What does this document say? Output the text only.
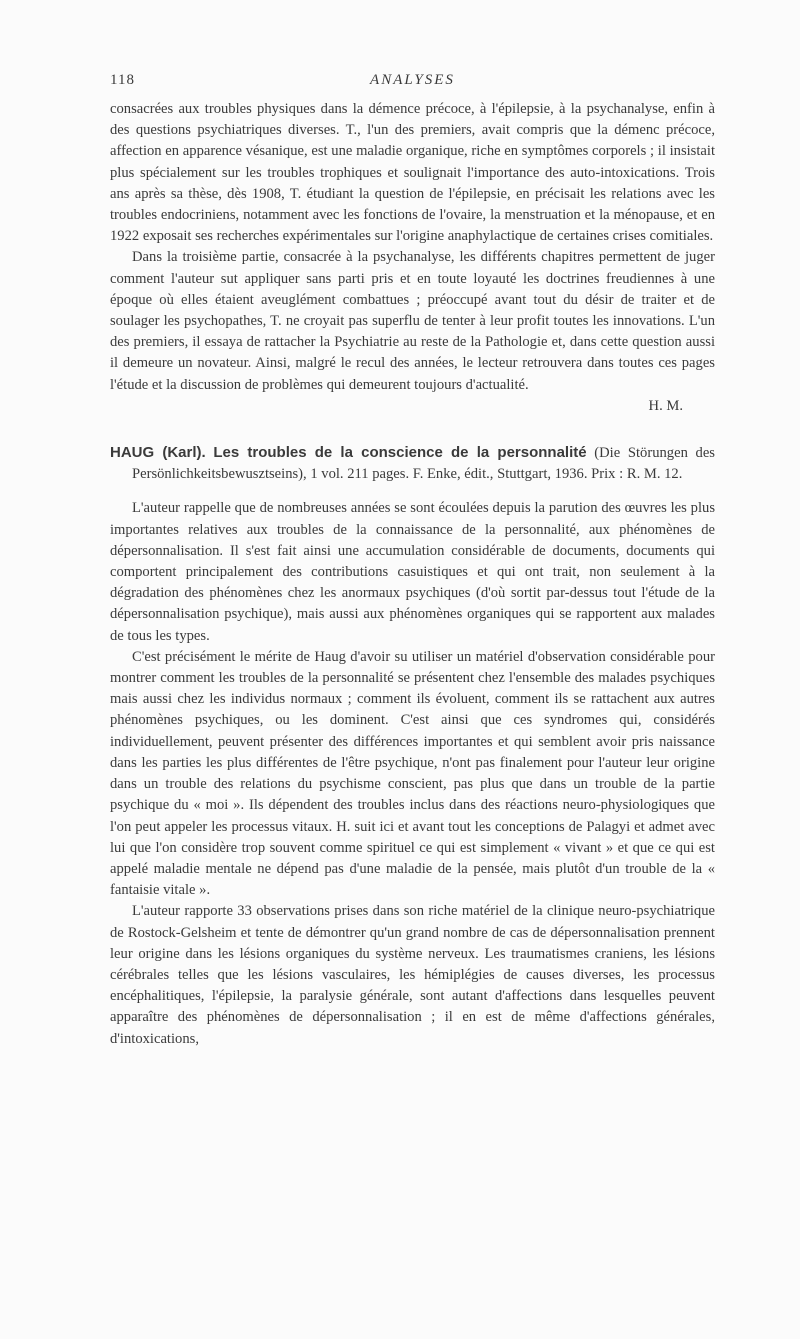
118	ANALYSES

consacrées aux troubles physiques dans la démence précoce, à l'épilepsie, à la psychanalyse, enfin à des questions psychiatriques diverses. T., l'un des premiers, avait compris que la démenc précoce, affection en apparence vésanique, est une maladie organique, riche en symptômes corporels ; il insistait plus spécialement sur les troubles trophiques et soulignait l'importance des auto-intoxications. Trois ans après sa thèse, dès 1908, T. étudiant la question de l'épilepsie, en précisait les relations avec les troubles endocriniens, notamment avec les fonctions de l'ovaire, la menstruation et la ménopause, et en 1922 exposait ses recherches expérimentales sur l'origine anaphylactique de certaines crises comitiales.

Dans la troisième partie, consacrée à la psychanalyse, les différents chapitres permettent de juger comment l'auteur sut appliquer sans parti pris et en toute loyauté les doctrines freudiennes à une époque où elles étaient aveuglément combattues ; préoccupé avant tout du désir de traiter et de soulager les psychopathes, T. ne croyait pas superflu de tenter à leur profit toutes les innovations. L'un des premiers, il essaya de rattacher la Psychiatrie au reste de la Pathologie et, dans cette question aussi il demeure un novateur. Ainsi, malgré le recul des années, le lecteur retrouvera dans toutes ces pages l'étude et la discussion de problèmes qui demeurent toujours d'actualité.

H. M.

HAUG (Karl). Les troubles de la conscience de la personnalité (Die Störungen des Persönlichkeitsbewusztseins), 1 vol. 211 pages. F. Enke, édit., Stuttgart, 1936. Prix : R. M. 12.

L'auteur rappelle que de nombreuses années se sont écoulées depuis la parution des œuvres les plus importantes relatives aux troubles de la connaissance de la personnalité, aux phénomènes de dépersonnalisation. Il s'est fait ainsi une accumulation considérable de documents, documents qui comportent principalement des contributions casuistiques et qui ont trait, non seulement à la dégradation des phénomènes chez les anormaux psychiques (d'où sortit par-dessus tout l'étude de la dépersonnalisation psychique), mais aussi aux phénomènes organiques qui se rapportent aux malades de tous les types.

C'est précisément le mérite de Haug d'avoir su utiliser un matériel d'observation considérable pour montrer comment les troubles de la personnalité se présentent chez l'ensemble des malades psychiques mais aussi chez les individus normaux ; comment ils évoluent, comment ils se rattachent aux autres phénomènes psychiques, ou les dominent. C'est ainsi que ces syndromes qui, considérés individuellement, peuvent présenter des différences importantes et qui semblent avoir pris naissance dans les parties les plus différentes de l'être psychique, n'ont pas finalement pour l'auteur leur origine dans un trouble des relations du psychisme conscient, pas plus que dans un trouble de la partie psychique du « moi ». Ils dépendent des troubles inclus dans des réactions neuro-physiologiques que l'on peut appeler les processus vitaux. H. suit ici et avant tout les conceptions de Palagyi et admet avec lui que l'on considère trop souvent comme spirituel ce qui est simplement « vivant » et que ce qui est appelé maladie mentale ne dépend pas d'une maladie de la pensée, mais plutôt d'un trouble de la « fantaisie vitale ».

L'auteur rapporte 33 observations prises dans son riche matériel de la clinique neuro-psychiatrique de Rostock-Gelsheim et tente de démontrer qu'un grand nombre de cas de dépersonnalisation prennent leur origine dans les lésions organiques du système nerveux. Les traumatismes craniens, les lésions cérébrales telles que les lésions vasculaires, les hémiplégies de causes diverses, les processus encéphalitiques, l'épilepsie, la paralysie générale, sont autant d'affections dans lesquelles peuvent apparaître des phénomènes de dépersonnalisation ; il en est de même d'affections générales, d'intoxications,
